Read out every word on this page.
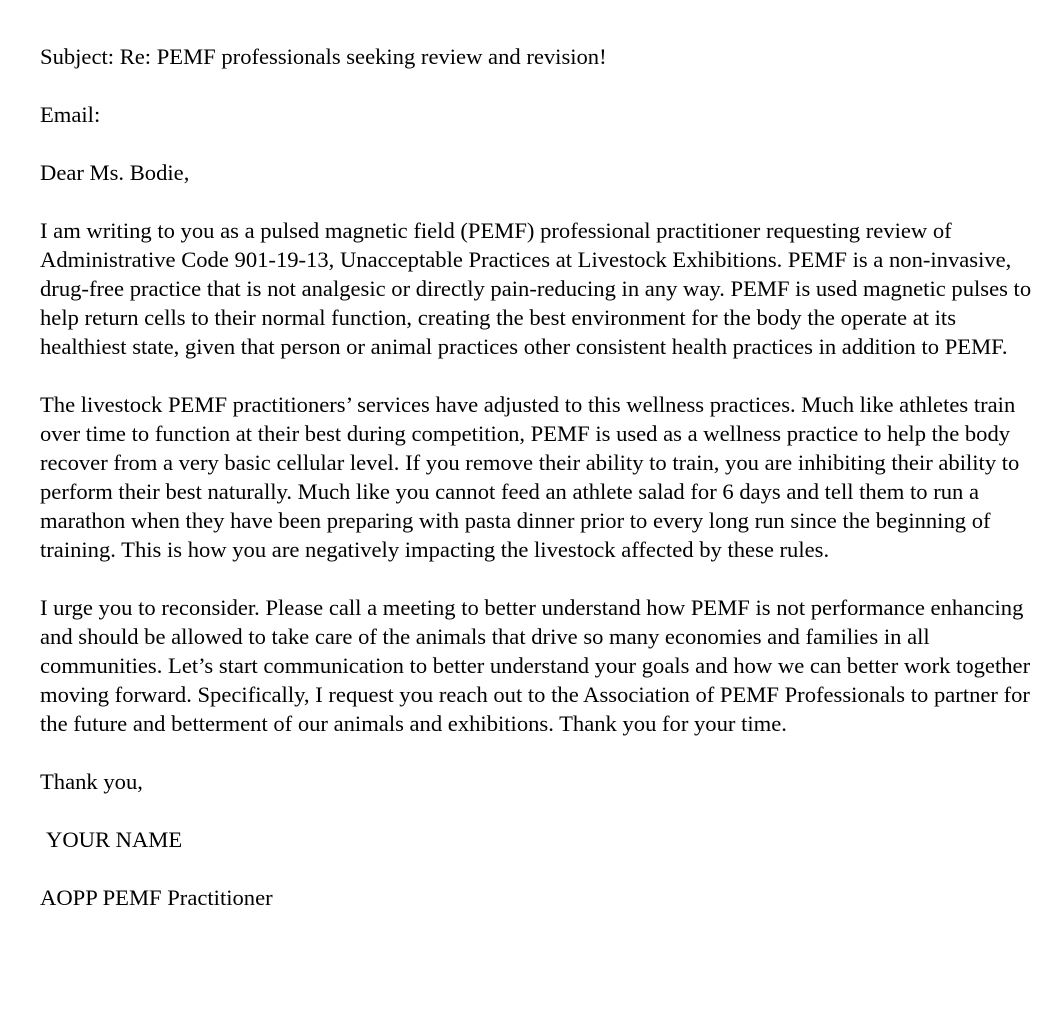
Subject: Re: PEMF professionals seeking review and revision!

Email:

Dear Ms. Bodie,

I am writing to you as a pulsed magnetic field (PEMF) professional practitioner requesting review of Administrative Code 901-19-13, Unacceptable Practices at Livestock Exhibitions. PEMF is a non-invasive, drug-free practice that is not analgesic or directly pain-reducing in any way. PEMF is used magnetic pulses to help return cells to their normal function, creating the best environment for the body the operate at its healthiest state, given that person or animal practices other consistent health practices in addition to PEMF.

The livestock PEMF practitioners’ services have adjusted to this wellness practices. Much like athletes train over time to function at their best during competition, PEMF is used as a wellness practice to help the body recover from a very basic cellular level. If you remove their ability to train, you are inhibiting their ability to perform their best naturally. Much like you cannot feed an athlete salad for 6 days and tell them to run a marathon when they have been preparing with pasta dinner prior to every long run since the beginning of training. This is how you are negatively impacting the livestock affected by these rules.

I urge you to reconsider. Please call a meeting to better understand how PEMF is not performance enhancing and should be allowed to take care of the animals that drive so many economies and families in all communities. Let’s start communication to better understand your goals and how we can better work together moving forward. Specifically, I request you reach out to the Association of PEMF Professionals to partner for the future and betterment of our animals and exhibitions. Thank you for your time.

Thank you,

YOUR NAME

AOPP PEMF Practitioner
